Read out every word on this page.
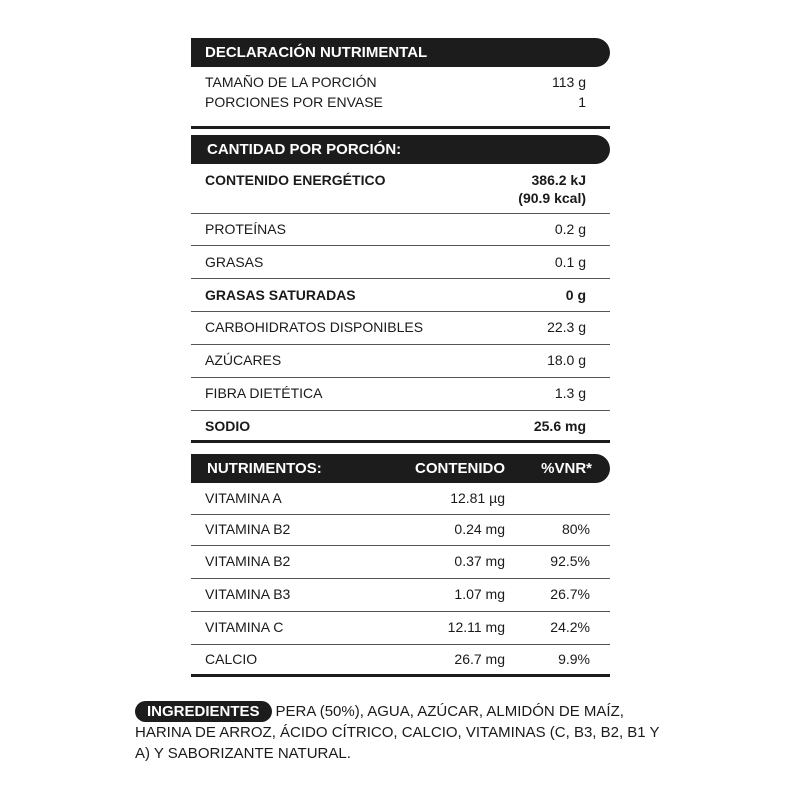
DECLARACIÓN NUTRIMENTAL
TAMAÑO DE LA PORCIÓN	113 g
PORCIONES POR ENVASE	1
CANTIDAD POR PORCIÓN:
CONTENIDO ENERGÉTICO	386.2 kJ
(90.9 kcal)
PROTEÍNAS	0.2 g
GRASAS	0.1 g
GRASAS SATURADAS	0 g
CARBOHIDRATOS DISPONIBLES	22.3 g
AZÚCARES	18.0 g
FIBRA DIETÉTICA	1.3 g
SODIO	25.6 mg
NUTRIMENTOS:	CONTENIDO %VNR*
VITAMINA A	12.81 µg
VITAMINA B2	0.24 mg	80%
VITAMINA B2	0.37 mg	92.5%
VITAMINA B3	1.07 mg	26.7%
VITAMINA C	12.11 mg	24.2%
CALCIO	26.7 mg	9.9%
INGREDIENTES PERA (50%), AGUA, AZÚCAR, ALMIDÓN DE MAÍZ, HARINA DE ARROZ, ÁCIDO CÍTRICO, CALCIO, VITAMINAS (C, B3, B2, B1 Y A) Y SABORIZANTE NATURAL.
